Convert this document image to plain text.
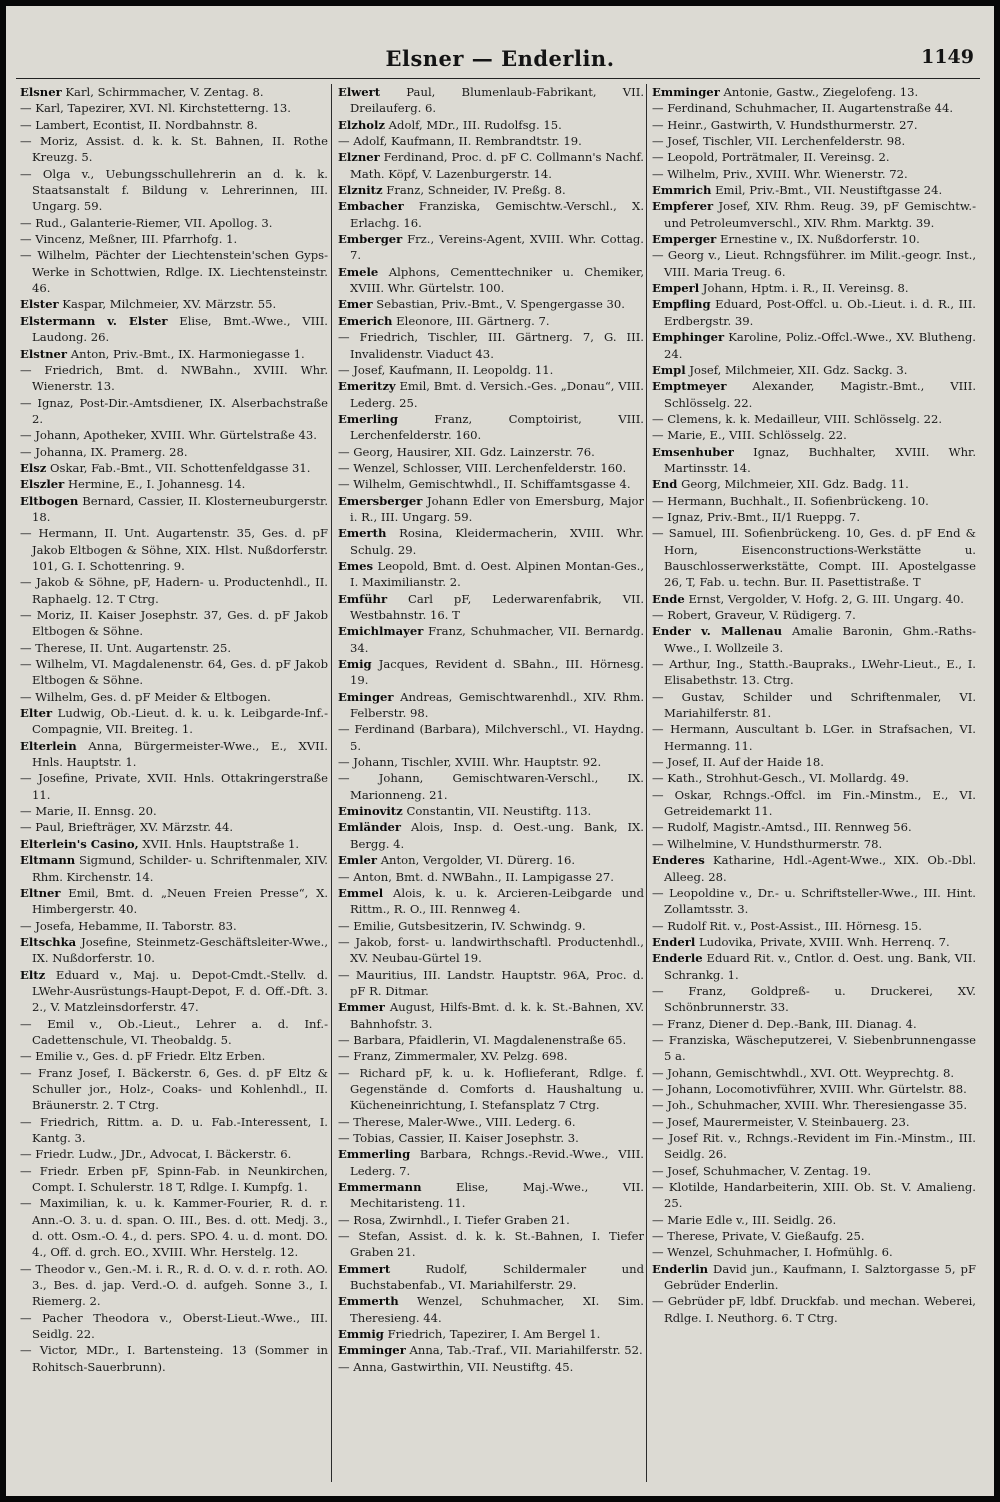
Elsner — Enderlin.	1149
Elsner Karl, Schirmmacher, V. Zentag. 8.
— Karl, Tapezirer, XVI. Nl. Kirchstetterng. 13.
— Lambert, Econtist, II. Nordbahnstr. 8.
— Moriz, Assist. d. k. k. St. Bahnen, II. Rothe Kreuzg. 5.
— Olga v., Uebungsschullehrerin an d. k. k. Staatsanstalt f. Bildung v. Lehrerinnen, III. Ungarg. 59.
— Rud., Galanterie-Riemer, VII. Apollog. 3.
— Vincenz, Meßner, III. Pfarrhofg. 1.
— Wilhelm, Pächter der Liechtenstein'schen Gyps-Werke in Schottwien, Rdlge. IX. Liechtensteinstr. 46.
Elster Kaspar, Milchmeier, XV. Märzstr. 55.
Elstermann v. Elster Elise, Bmt.-Wwe., VIII. Laudong. 26.
Elstner Anton, Priv.-Bmt., IX. Harmoniegasse 1.
— Friedrich, Bmt. d. NWBahn., XVIII. Whr. Wienerstr. 13.
— Ignaz, Post-Dir.-Amtsdiener, IX. Alserbachstraße 2.
— Johann, Apotheker, XVIII. Whr. Gürtelstraße 43.
— Johanna, IX. Pramerg. 28.
Elsz Oskar, Fab.-Bmt., VII. Schottenfeldgasse 31.
Elszler Hermine, E., I. Johannesg. 14.
Eltbogen Bernard, Cassier, II. Klosterneuburgerstr. 18.
— Hermann, II. Unt. Augartenstr. 35, Ges. d. pF Jakob Eltbogen & Söhne, XIX. Hlst. Nußdorferstr. 101, G. I. Schottenring. 9.
— Jakob & Söhne, pF, Hadern- u. Productenhdl., II. Raphaelg. 12. T Ctrg.
— Moriz, II. Kaiser Josephstr. 37, Ges. d. pF Jakob Eltbogen & Söhne.
— Therese, II. Unt. Augartenstr. 25.
— Wilhelm, VI. Magdalenenstr. 64, Ges. d. pF Jakob Eltbogen & Söhne.
— Wilhelm, Ges. d. pF Meider & Eltbogen.
Elter Ludwig, Ob.-Lieut. d. k. u. k. Leibgarde-Inf.-Compagnie, VII. Breiteg. 1.
Elterlein Anna, Bürgermeister-Wwe., E., XVII. Hnls. Hauptstr. 1.
— Josefine, Private, XVII. Hnls. Ottakringerstraße 11.
— Marie, II. Ennsg. 20.
— Paul, Briefträger, XV. Märzstr. 44.
Elterlein's Casino, XVII. Hnls. Hauptstraße 1.
Eltmann Sigmund, Schilder- u. Schriftenmaler, XIV. Rhm. Kirchenstr. 14.
Eltner Emil, Bmt. d. „Neuen Freien Presse“, X. Himbergerstr. 40.
— Josefa, Hebamme, II. Taborstr. 83.
Eltschka Josefine, Steinmetz-Geschäftsleiter-Wwe., IX. Nußdorferstr. 10.
Eltz Eduard v., Maj. u. Depot-Cmdt.-Stellv. d. LWehr-Ausrüstungs-Haupt-Depot, F. d. Off.-Dft. 3. 2., V. Matzleinsdorferstr. 47.
— Emil v., Ob.-Lieut., Lehrer a. d. Inf.-Cadettenschule, VI. Theobaldg. 5.
— Emilie v., Ges. d. pF Friedr. Eltz Erben.
— Franz Josef, I. Bäckerstr. 6, Ges. d. pF Eltz & Schuller jor., Holz-, Coaks- und Kohlenhdl., II. Bräunerstr. 2. T Ctrg.
— Friedrich, Rittm. a. D. u. Fab.-Interessent, I. Kantg. 3.
— Friedr. Ludw., JDr., Advocat, I. Bäckerstr. 6.
— Friedr. Erben pF, Spinn-Fab. in Neunkirchen, Compt. I. Schulerstr. 18 T, Rdlge. I. Kumpfg. 1.
— Maximilian, k. u. k. Kammer-Fourier, R. d. r. Ann.-O. 3. u. d. span. O. III., Bes. d. ott. Medj. 3., d. ott. Osm.-O. 4., d. pers. SPO. 4. u. d. mont. DO. 4., Off. d. grch. EO., XVIII. Whr. Herstelg. 12.
— Theodor v., Gen.-M. i. R., R. d. O. v. d. r. roth. AO. 3., Bes. d. jap. Verd.-O. d. aufgeh. Sonne 3., I. Riemerg. 2.
— Pacher Theodora v., Oberst-Lieut.-Wwe., III. Seidlg. 22.
— Victor, MDr., I. Bartensteing. 13 (Sommer in Rohitsch-Sauerbrunn).
Elwert Paul, Blumenlaub-Fabrikant, VII. Dreilauferg. 6.
Elzholz Adolf, MDr., III. Rudolfsg. 15.
— Adolf, Kaufmann, II. Rembrandtstr. 19.
Elzner Ferdinand, Proc. d. pF C. Collmann's Nachf. Math. Köpf, V. Lazenburgerstr. 14.
Elznitz Franz, Schneider, IV. Preßg. 8.
Embacher Franziska, Gemischtw.-Verschl., X. Erlachg. 16.
Emberger Frz., Vereins-Agent, XVIII. Whr. Cottag. 7.
Emele Alphons, Cementtechniker u. Chemiker, XVIII. Whr. Gürtelstr. 100.
Emer Sebastian, Priv.-Bmt., V. Spengergasse 30.
Emerich Eleonore, III. Gärtnerg. 7.
— Friedrich, Tischler, III. Gärtnerg. 7, G. III. Invalidenstr. Viaduct 43.
— Josef, Kaufmann, II. Leopoldg. 11.
Emeritzy Emil, Bmt. d. Versich.-Ges. „Donau“, VIII. Lederg. 25.
Emerling	Franz, Comptoirist, VIII. Lerchenfelderstr. 160.
— Georg, Hausirer, XII. Gdz. Lainzerstr. 76.
— Wenzel, Schlosser, VIII. Lerchenfelderstr. 160.
— Wilhelm, Gemischtwhdl., II. Schiffamtsgasse 4.
Emersberger Johann Edler von Emersburg, Major i. R., III. Ungarg. 59.
Emerth Rosina, Kleidermacherin, XVIII. Whr. Schulg. 29.
Emes Leopold, Bmt. d. Oest. Alpinen Montan-Ges., I. Maximilianstr. 2.
Emführ Carl pF, Lederwarenfabrik, VII. Westbahnstr. 16. T
Emichlmayer Franz, Schuhmacher, VII. Bernardg. 34.
Emig Jacques, Revident d. SBahn., III. Hörnesg. 19.
Eminger Andreas, Gemischtwarenhdl., XIV. Rhm. Felberstr. 98.
— Ferdinand (Barbara), Milchverschl., VI. Haydng. 5.
— Johann, Tischler, XVIII. Whr. Hauptstr. 92.
— Johann, Gemischtwaren-Verschl., IX. Marionneng. 21.
Eminovitz Constantin, VII. Neustiftg. 113.
Emländer Alois, Insp. d. Oest.-ung. Bank, IX. Bergg. 4.
Emler Anton, Vergolder, VI. Dürerg. 16.
— Anton, Bmt. d. NWBahn., II. Lampigasse 27.
Emmel Alois, k. u. k. Arcieren-Leibgarde und Rittm., R. O., III. Rennweg 4.
— Emilie, Gutsbesitzerin, IV. Schwindg. 9.
— Jakob, forst- u. landwirthschaftl. Productenhdl., XV. Neubau-Gürtel 19.
— Mauritius, III. Landstr. Hauptstr. 96A, Proc. d. pF R. Ditmar.
Emmer August, Hilfs-Bmt. d. k. k. St.-Bahnen, XV. Bahnhofstr. 3.
— Barbara, Pfaidlerin, VI. Magdalenenstraße 65.
— Franz, Zimmermaler, XV. Pelzg. 698.
— Richard pF, k. u. k. Hoflieferant, Rdlge. f. Gegenstände d. Comforts d. Haushaltung u. Kücheneinrichtung, I. Stefansplatz 7 Ctrg.
— Therese, Maler-Wwe., VIII. Lederg. 6.
— Tobias, Cassier, II. Kaiser Josephstr. 3.
Emmerling Barbara, Rchngs.-Revid.-Wwe., VIII. Lederg. 7.
Emmermann	Elise, Maj.-Wwe., VII. Mechitaristeng. 11.
— Rosa, Zwirnhdl., I. Tiefer Graben 21.
— Stefan, Assist. d. k. k. St.-Bahnen, I. Tiefer Graben 21.
Emmert	Rudolf, Schildermaler und Buchstabenfab., VI. Mariahilferstr. 29.
Emmerth Wenzel, Schuhmacher, XI. Sim. Theresieng. 44.
Emmig Friedrich, Tapezirer, I. Am Bergel 1.
Emminger Anna, Tab.-Traf., VII. Mariahilferstr. 52.
— Anna, Gastwirthin, VII. Neustiftg. 45.
Emminger Antonie, Gastw., Ziegelofeng. 13.
— Ferdinand, Schuhmacher, II. Augartenstraße 44.
— Heinr., Gastwirth, V. Hundsthurmerstr. 27.
— Josef, Tischler, VII. Lerchenfelderstr. 98.
— Leopold, Porträtmaler, II. Vereinsg. 2.
— Wilhelm, Priv., XVIII. Whr. Wienerstr. 72.
Emmrich Emil, Priv.-Bmt., VII. Neustiftgasse 24.
Empferer Josef, XIV. Rhm. Reug. 39, pF Gemischtw.- und Petroleumverschl., XIV. Rhm. Marktg. 39.
Emperger Ernestine v., IX. Nußdorferstr. 10.
— Georg v., Lieut. Rchngsführer. im Milit.-geogr. Inst., VIII. Maria Treug. 6.
Emperl Johann, Hptm. i. R., II. Vereinsg. 8.
Empfling Eduard, Post-Offcl. u. Ob.-Lieut. i. d. R., III. Erdbergstr. 39.
Emphinger Karoline, Poliz.-Offcl.-Wwe., XV. Blutheng. 24.
Empl Josef, Milchmeier, XII. Gdz. Sackg. 3.
Emptmeyer Alexander, Magistr.-Bmt., VIII. Schlösselg. 22.
— Clemens, k. k. Medailleur, VIII. Schlösselg. 22.
— Marie, E., VIII. Schlösselg. 22.
Emsenhuber Ignaz, Buchhalter, XVIII. Whr. Martinsstr. 14.
End Georg, Milchmeier, XII. Gdz. Badg. 11.
— Hermann, Buchhalt., II. Sofienbrückeng. 10.
— Ignaz, Priv.-Bmt., II/1 Rueppg. 7.
— Samuel, III. Sofienbrückeng. 10, Ges. d. pF End & Horn, Eisenconstructions-Werkstätte u. Bauschlosserwerkstätte, Compt. III. Apostelgasse 26, T, Fab. u. techn. Bur. II. Pasettistraße. T
Ende Ernst, Vergolder, V. Hofg. 2, G. III. Ungarg. 40.
— Robert, Graveur, V. Rüdigerg. 7.
Ender v. Mallenau Amalie Baronin, Ghm.-Raths-Wwe., I. Wollzeile 3.
— Arthur, Ing., Statth.-Baupraks., LWehr-Lieut., E., I. Elisabethstr. 13. Ctrg.
— Gustav, Schilder und Schriftenmaler, VI. Mariahilferstr. 81.
— Hermann, Auscultant b. LGer. in Strafsachen, VI. Hermanng. 11.
— Josef, II. Auf der Haide 18.
— Kath., Strohhut-Gesch., VI. Mollardg. 49.
— Oskar, Rchngs.-Offcl. im Fin.-Minstm., E., VI. Getreidemarkt 11.
— Rudolf, Magistr.-Amtsd., III. Rennweg 56.
— Wilhelmine, V. Hundsthurmerstr. 78.
Enderes Katharine, Hdl.-Agent-Wwe., XIX. Ob.-Dbl. Alleeg. 28.
— Leopoldine v., Dr.- u. Schriftsteller-Wwe., III. Hint. Zollamtsstr. 3.
— Rudolf Rit. v., Post-Assist., III. Hörnesg. 15.
Enderl Ludovika, Private, XVIII. Wnh. Herrenq. 7.
Enderle Eduard Rit. v., Cntlor. d. Oest. ung. Bank, VII. Schrankg. 1.
— Franz, Goldpreß- u. Druckerei, XV. Schönbrunnerstr. 33.
— Franz, Diener d. Dep.-Bank, III. Dianag. 4.
— Franziska, Wäscheputzerei, V. Siebenbrunnengasse 5 a.
— Johann, Gemischtwhdl., XVI. Ott. Weyprechtg. 8.
— Johann, Locomotivführer, XVIII. Whr. Gürtelstr. 88.
— Joh., Schuhmacher, XVIII. Whr. Theresiengasse 35.
— Josef, Maurermeister, V. Steinbauerg. 23.
— Josef Rit. v., Rchngs.-Revident im Fin.-Minstm., III. Seidlg. 26.
— Josef, Schuhmacher, V. Zentag. 19.
— Klotilde, Handarbeiterin, XIII. Ob. St. V. Amalieng. 25.
— Marie Edle v., III. Seidlg. 26.
— Therese, Private, V. Gießaufg. 25.
— Wenzel, Schuhmacher, I. Hofmühlg. 6.
Enderlin David jun., Kaufmann, I. Salztorgasse 5, pF Gebrüder Enderlin.
— Gebrüder pF, ldbf. Druckfab. und mechan. Weberei, Rdlge. I. Neuthorg. 6. T Ctrg.
